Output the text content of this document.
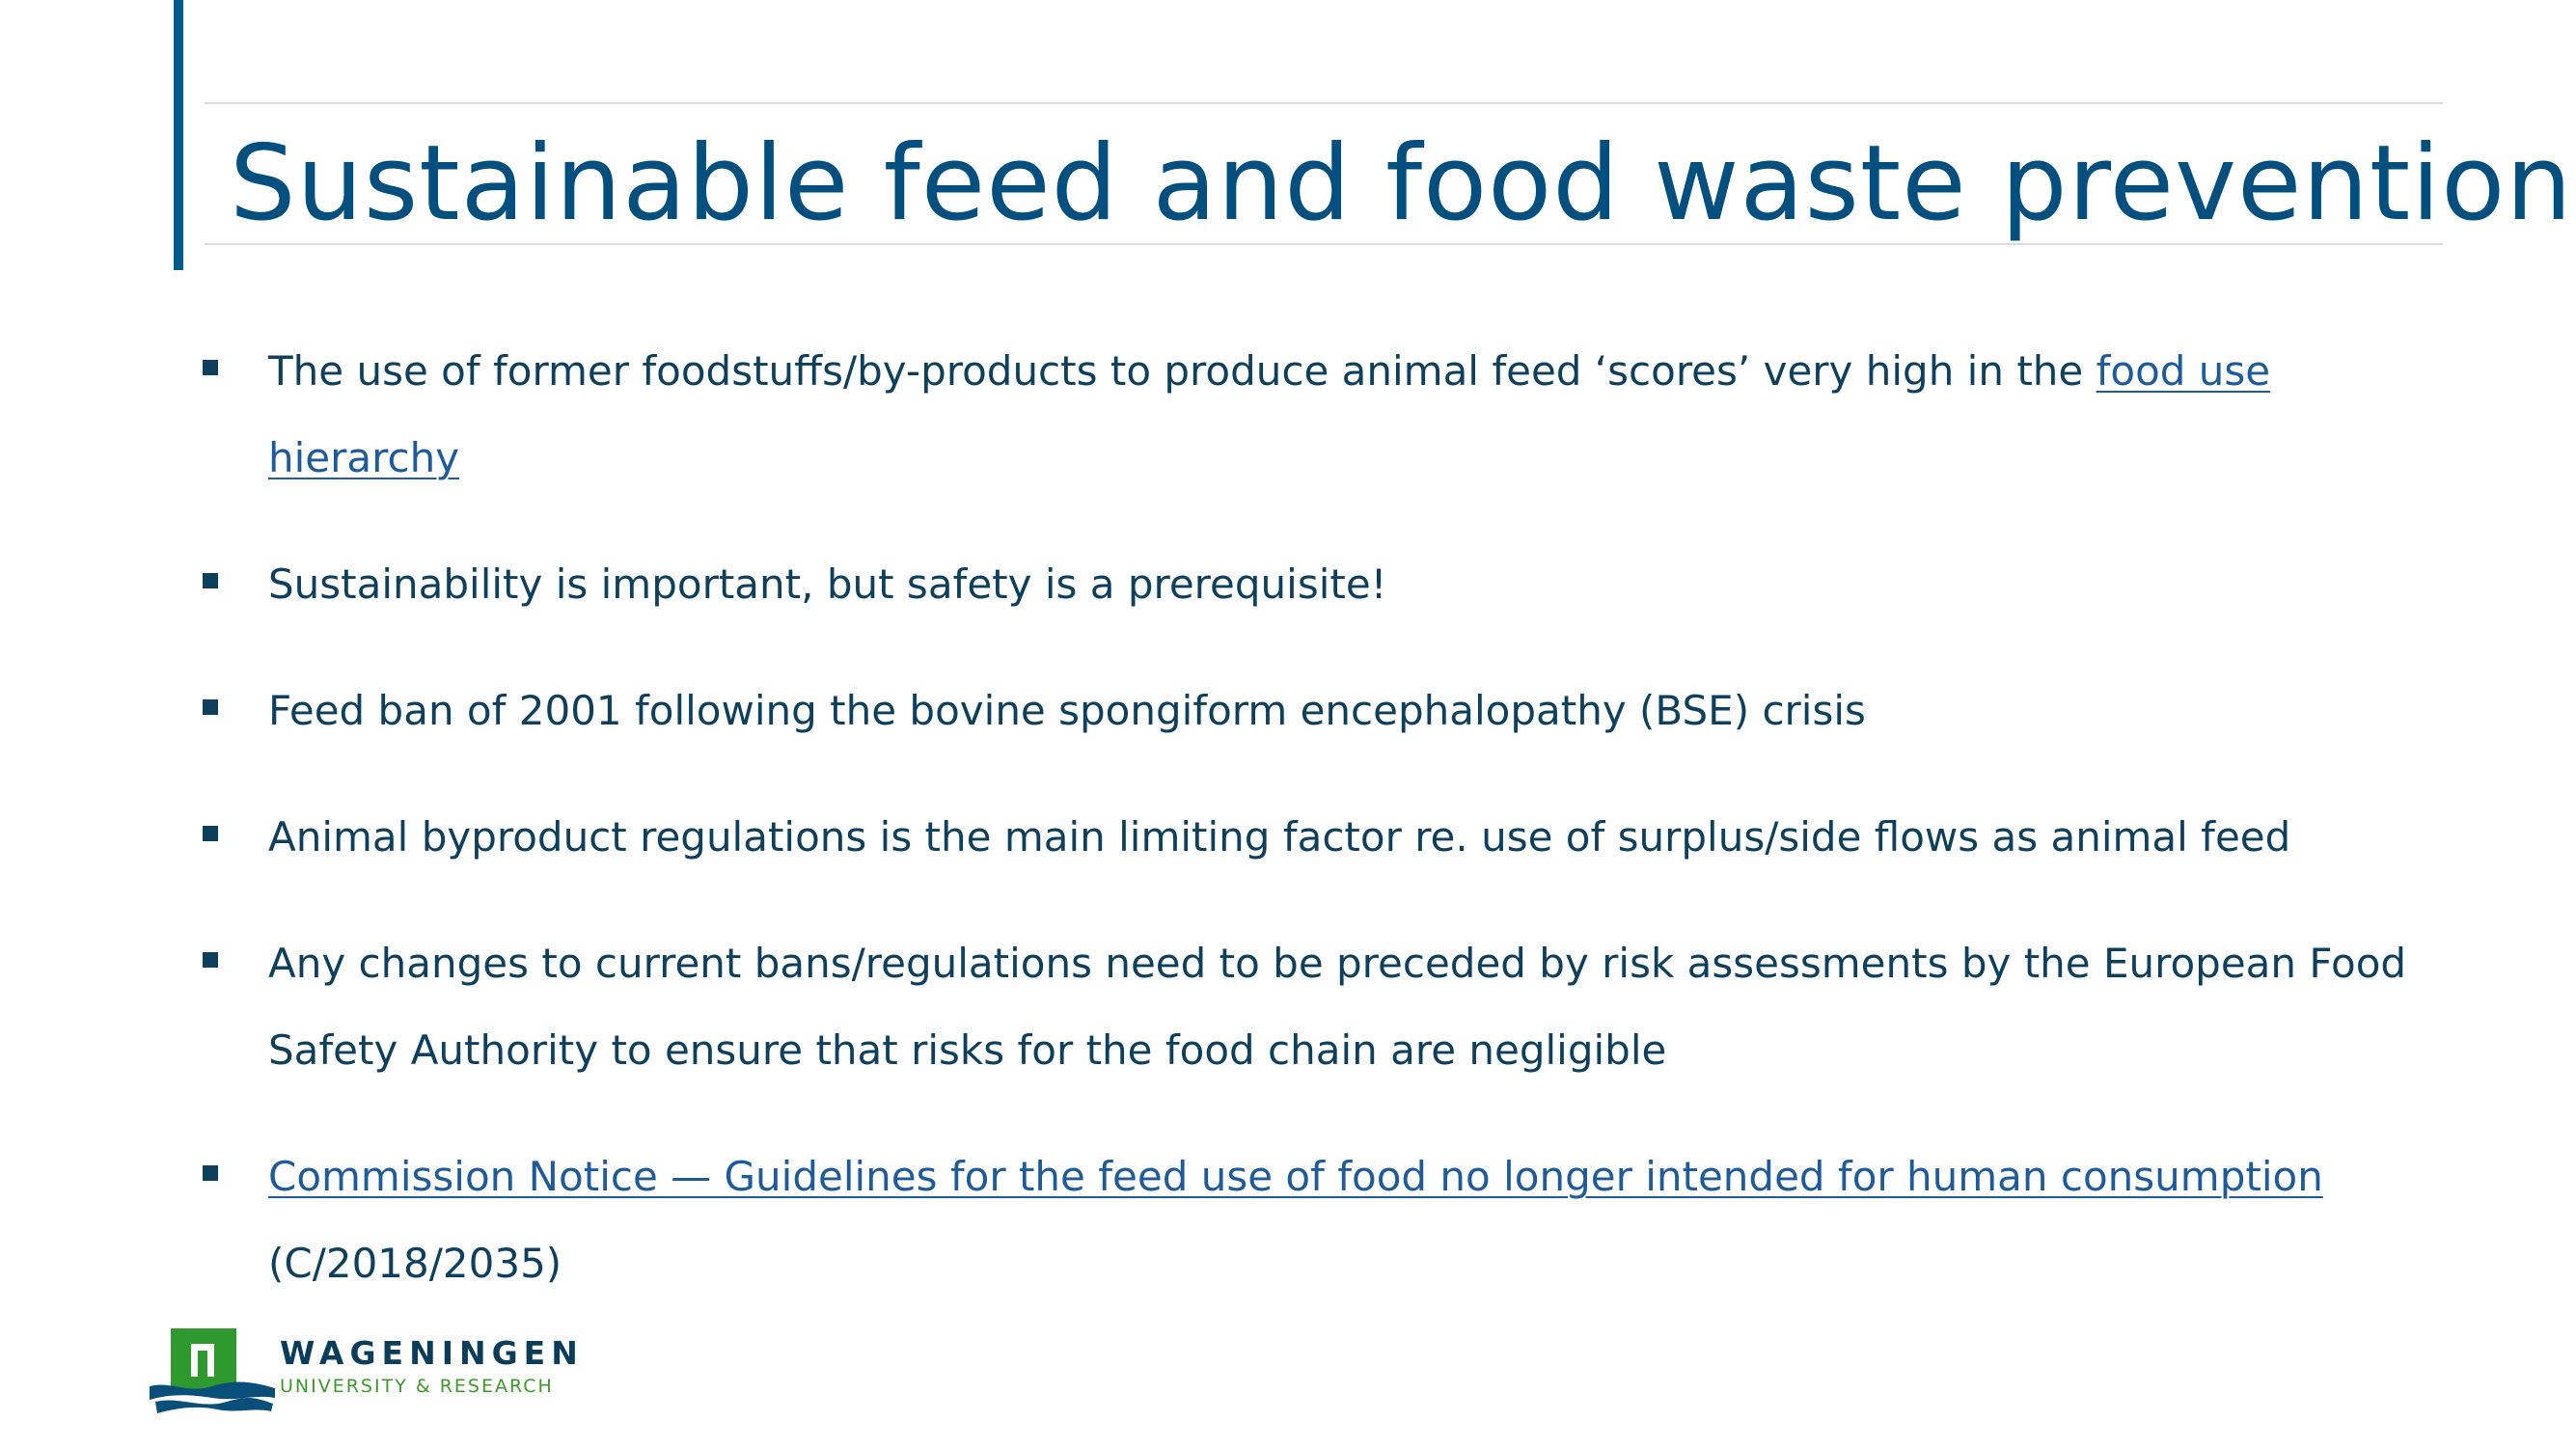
Sustainable feed and food waste prevention
The use of former foodstuffs/by-products to produce animal feed ‘scores’ very high in the food use hierarchy
Sustainability is important, but safety is a prerequisite!
Feed ban of 2001 following the bovine spongiform encephalopathy (BSE) crisis
Animal byproduct regulations is the main limiting factor re. use of surplus/side flows as animal feed
Any changes to current bans/regulations need to be preceded by risk assessments by the European Food Safety Authority to ensure that risks for the food chain are negligible
Commission Notice — Guidelines for the feed use of food no longer intended for human consumption (C/2018/2035)
WAGENINGEN
UNIVERSITY & RESEARCH
